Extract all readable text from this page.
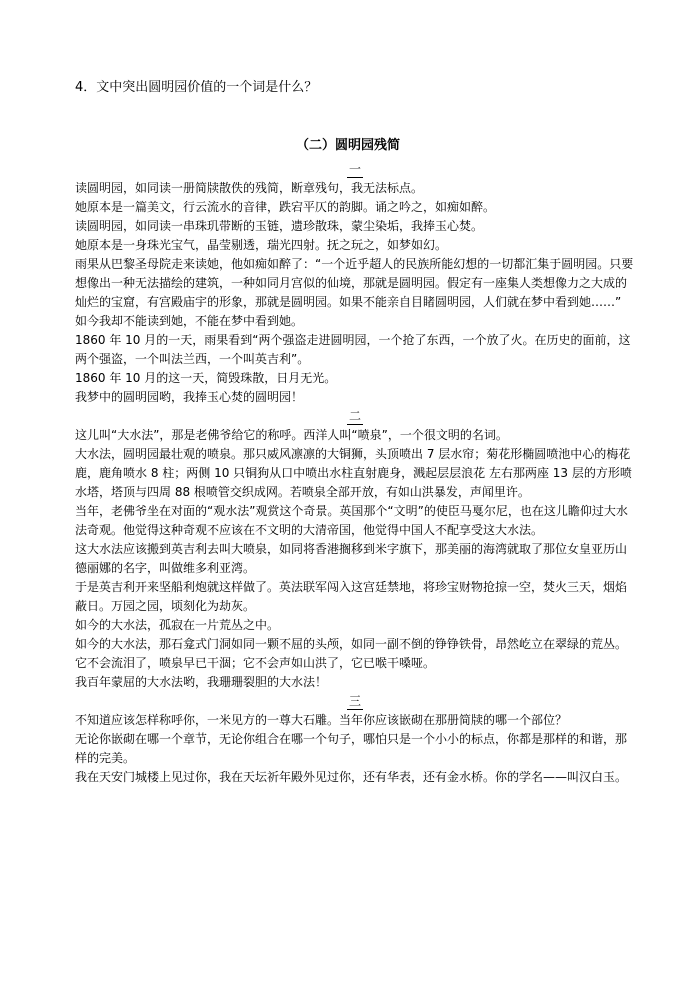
4．文中突出圆明园价值的一个词是什么？
（二）圆明园残简
一

读圆明园，如同读一册简牍散佚的残简，断章残句，我无法标点。

她原本是一篇美文，行云流水的音律，跌宕平仄的韵脚。诵之吟之，如痴如醉。

读圆明园，如同读一串珠玑带断的玉链，遗珍散珠，蒙尘染垢，我捧玉心焚。

她原本是一身珠光宝气，晶莹剔透，瑞光四射。抚之玩之，如梦如幻。

雨果从巴黎圣母院走来读她，他如痴如醉了：“一个近乎超人的民族所能幻想的一切都汇集于圆明园。只要想像出一种无法描绘的建筑，一种如同月宫似的仙境，那就是圆明园。假定有一座集人类想像力之大成的灿烂的宝窟，有宫殿庙宇的形象，那就是圆明园。如果不能亲自目睹圆明园，人们就在梦中看到她……”

如今我却不能读到她，不能在梦中看到她。

1860 年 10 月的一天，雨果看到“两个强盗走进圆明园，一个抢了东西，一个放了火。在历史的面前，这两个强盗，一个叫法兰西，一个叫英吉利”。

1860 年 10 月的这一天，简毁珠散，日月无光。

我梦中的圆明园哟，我捧玉心焚的圆明园！

二

这儿叫“大水法”，那是老佛爷给它的称呼。西洋人叫“喷泉”，一个很文明的名词。

大水法，圆明园最壮观的喷泉。那只威风凛凛的大铜狮，头顶喷出 7 层水帘；菊花形椭圆喷池中心的梅花鹿，鹿角喷水 8 柱；两侧 10 只铜狗从口中喷出水柱直射鹿身，溅起层层浪花 左右那两座 13 层的方形喷水塔，塔顶与四周 88 根喷管交织成网。若喷泉全部开放，有如山洪暴发，声闻里许。

当年，老佛爷坐在对面的“观水法”观赏这个奇景。英国那个“文明”的使臣马戛尔尼，也在这儿瞻仰过大水法奇观。他觉得这种奇观不应该在不文明的大清帝国，他觉得中国人不配享受这大水法。

这大水法应该搬到英吉利去叫大喷泉，如同将香港搁移到米字旗下，那美丽的海湾就取了那位女皇亚历山德丽娜的名字，叫做维多利亚湾。

于是英吉利开来坚船利炮就这样做了。英法联军闯入这宫廷禁地，将珍宝财物抢掠一空，焚火三天，烟焰蔽日。万园之园，顷刻化为劫灰。

如今的大水法，孤寂在一片荒丛之中。

如今的大水法，那石龛式门洞如同一颗不屈的头颅，如同一副不倒的铮铮铁骨，昂然屹立在翠绿的荒丛。

它不会流泪了，喷泉早已干涸；它不会声如山洪了，它已喉干嗓哑。

我百年蒙屈的大水法哟，我珊珊裂胆的大水法！

三

不知道应该怎样称呼你，一米见方的一尊大石雕。当年你应该嵌砌在那册简牍的哪一个部位？

无论你嵌砌在哪一个章节，无论你组合在哪一个句子，哪怕只是一个小小的标点，你都是那样的和谐，那样的完美。

我在天安门城楼上见过你，我在天坛祈年殿外见过你，还有华表，还有金水桥。你的学名——叫汉白玉。
